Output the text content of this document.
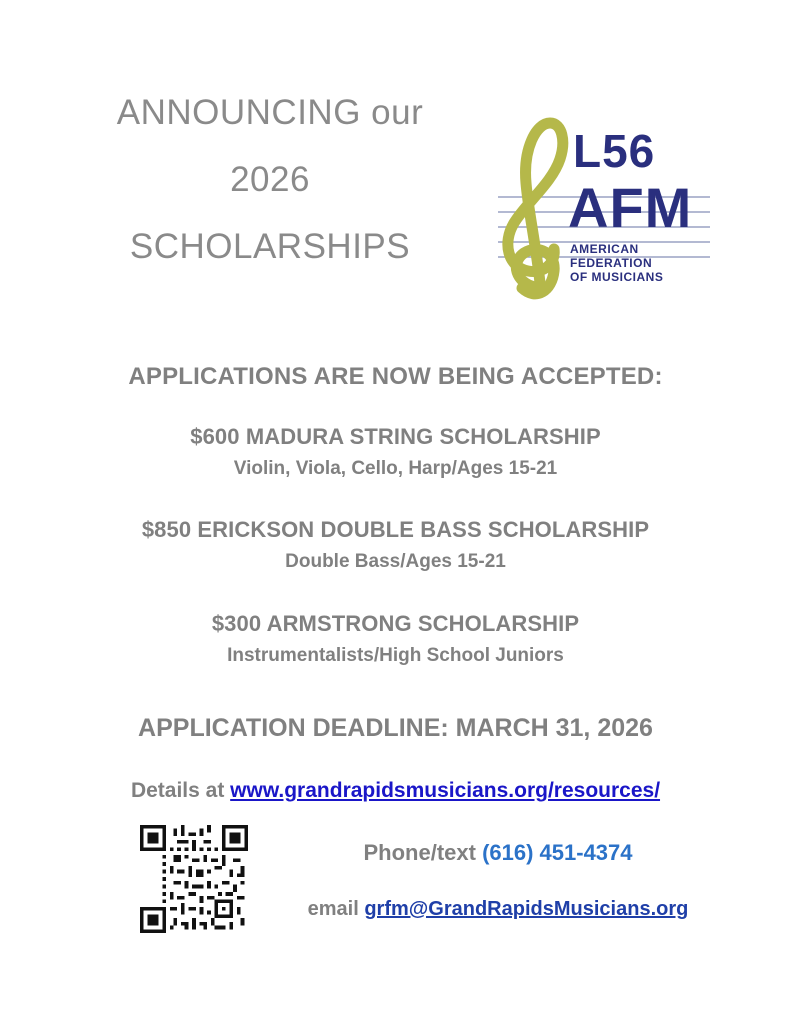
ANNOUNCING our
2026
SCHOLARSHIPS
L56
AFM
AMERICAN
FEDERATION
OF MUSICIANS
APPLICATIONS ARE NOW BEING ACCEPTED:
$600 MADURA STRING SCHOLARSHIP
Violin, Viola, Cello, Harp/Ages 15-21
$850 ERICKSON DOUBLE BASS SCHOLARSHIP
Double Bass/Ages 15-21
$300 ARMSTRONG SCHOLARSHIP
Instrumentalists/High School Juniors
APPLICATION DEADLINE: MARCH 31, 2026
Details at www.grandrapidsmusicians.org/resources/
Phone/text (616) 451-4374
email grfm@GrandRapidsMusicians.org
